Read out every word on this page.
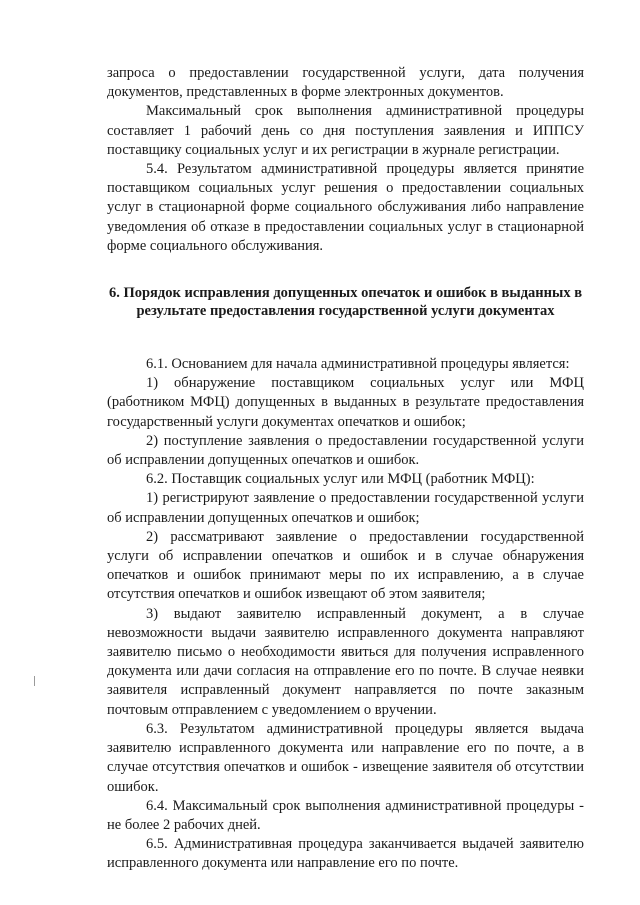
запроса о предоставлении государственной услуги, дата получения документов, представленных в форме электронных документов.

Максимальный срок выполнения административной процедуры составляет 1 рабочий день со дня поступления заявления и ИППСУ поставщику социальных услуг и их регистрации в журнале регистрации.

5.4. Результатом административной процедуры является принятие поставщиком социальных услуг решения о предоставлении социальных услуг в стационарной форме социального обслуживания либо направление уведомления об отказе в предоставлении социальных услуг в стационарной форме социального обслуживания.

6. Порядок исправления допущенных опечаток и ошибок в выданных в результате предоставления государственной услуги документах

6.1. Основанием для начала административной процедуры является:

1) обнаружение поставщиком социальных услуг или МФЦ (работником МФЦ) допущенных в выданных в результате предоставления государственный услуги документах опечатков и ошибок;

2) поступление заявления о предоставлении государственной услуги об исправлении допущенных опечатков и ошибок.

6.2. Поставщик социальных услуг или МФЦ (работник МФЦ):

1) регистрируют заявление о предоставлении государственной услуги об исправлении допущенных опечатков и ошибок;

2) рассматривают заявление о предоставлении государственной услуги об исправлении опечатков и ошибок и в случае обнаружения опечатков и ошибок принимают меры по их исправлению, а в случае отсутствия опечатков и ошибок извещают об этом заявителя;

3) выдают заявителю исправленный документ, а в случае невозможности выдачи заявителю исправленного документа направляют заявителю письмо о необходимости явиться для получения исправленного документа или дачи согласия на отправление его по почте. В случае неявки заявителя исправленный документ направляется по почте заказным почтовым отправлением с уведомлением о вручении.

6.3. Результатом административной процедуры является выдача заявителю исправленного документа или направление его по почте, а в случае отсутствия опечатков и ошибок - извещение заявителя об отсутствии ошибок.

6.4. Максимальный срок выполнения административной процедуры - не более 2 рабочих дней.

6.5. Административная процедура заканчивается выдачей заявителю исправленного документа или направление его по почте.
